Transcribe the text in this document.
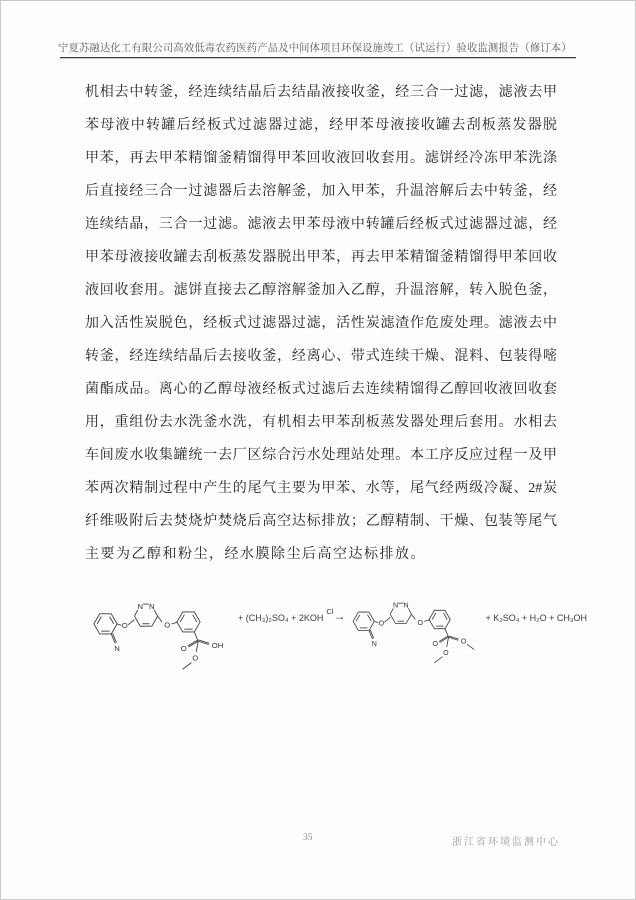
宁夏苏融达化工有限公司高效低毒农药医药产品及中间体项目环保设施竣工（试运行）验收监测报告（修订本）
机相去中转釜，经连续结晶后去结晶液接收釜，经三合一过滤，滤液去甲
苯母液中转罐后经板式过滤器过滤，经甲苯母液接收罐去刮板蒸发器脱
甲苯，再去甲苯精馏釜精馏得甲苯回收液回收套用。滤饼经冷冻甲苯洗涤
后直接经三合一过滤器后去溶解釜，加入甲苯，升温溶解后去中转釜，经
连续结晶，三合一过滤。滤液去甲苯母液中转罐后经板式过滤器过滤，经
甲苯母液接收罐去刮板蒸发器脱出甲苯，再去甲苯精馏釜精馏得甲苯回收
液回收套用。滤饼直接去乙醇溶解釜加入乙醇，升温溶解，转入脱色釜，
加入活性炭脱色，经板式过滤器过滤，活性炭滤渣作危废处理。滤液去中
转釜，经连续结晶后去接收釜，经离心、带式连续干燥、混料、包装得嘧
菌酯成品。离心的乙醇母液经板式过滤后去连续精馏得乙醇回收液回收套
用，重组份去水洗釜水洗，有机相去甲苯刮板蒸发器处理后套用。水相去
车间废水收集罐统一去厂区综合污水处理站处理。本工序反应过程一及甲
苯两次精制过程中产生的尾气主要为甲苯、水等，尾气经两级冷凝、2#炭
纤维吸附后去焚烧炉焚烧后高空达标排放；乙醇精制、干燥、包装等尾气
主要为乙醇和粉尘，经水膜除尘后高空达标排放。
N
O
N N
O
OH
O
O
+ (CH₃)₂SO₄ + 2KOH
$^{Cl}$→
N
O
N N
O
O
O
O
+ K₂SO₄ + H₂O + CH₃OH
35	浙江省环境监测中心
